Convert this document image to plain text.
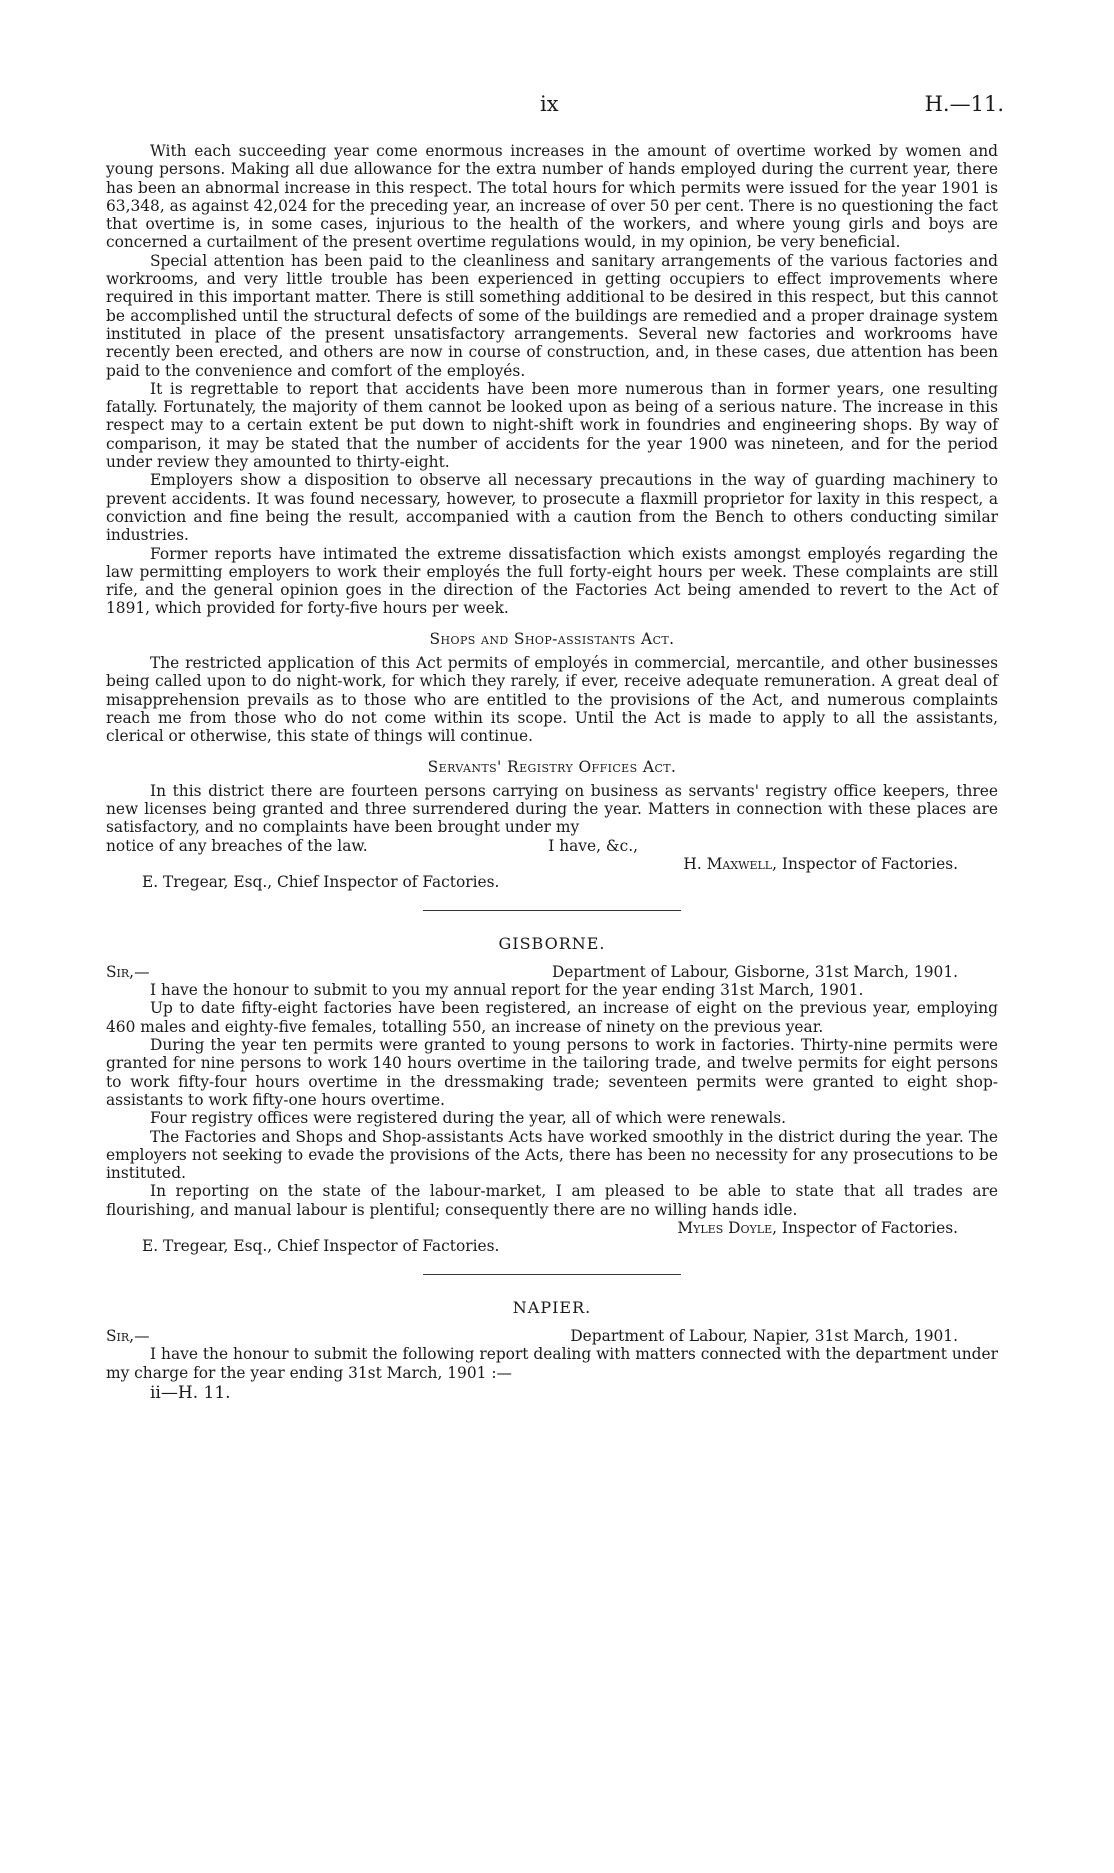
ix	H.—11.

With each succeeding year come enormous increases in the amount of overtime worked by women and young persons. Making all due allowance for the extra number of hands employed during the current year, there has been an abnormal increase in this respect. The total hours for which permits were issued for the year 1901 is 63,348, as against 42,024 for the preceding year, an increase of over 50 per cent. There is no questioning the fact that overtime is, in some cases, injurious to the health of the workers, and where young girls and boys are concerned a curtailment of the present overtime regulations would, in my opinion, be very beneficial.

Special attention has been paid to the cleanliness and sanitary arrangements of the various factories and workrooms, and very little trouble has been experienced in getting occupiers to effect improvements where required in this important matter. There is still something additional to be desired in this respect, but this cannot be accomplished until the structural defects of some of the buildings are remedied and a proper drainage system instituted in place of the present unsatisfactory arrangements. Several new factories and workrooms have recently been erected, and others are now in course of construction, and, in these cases, due attention has been paid to the convenience and comfort of the employés.

It is regrettable to report that accidents have been more numerous than in former years, one resulting fatally. Fortunately, the majority of them cannot be looked upon as being of a serious nature. The increase in this respect may to a certain extent be put down to night-shift work in foundries and engineering shops. By way of comparison, it may be stated that the number of accidents for the year 1900 was nineteen, and for the period under review they amounted to thirty-eight.

Employers show a disposition to observe all necessary precautions in the way of guarding machinery to prevent accidents. It was found necessary, however, to prosecute a flaxmill proprietor for laxity in this respect, a conviction and fine being the result, accompanied with a caution from the Bench to others conducting similar industries.

Former reports have intimated the extreme dissatisfaction which exists amongst employés regarding the law permitting employers to work their employés the full forty-eight hours per week. These complaints are still rife, and the general opinion goes in the direction of the Factories Act being amended to revert to the Act of 1891, which provided for forty-five hours per week.

Shops and Shop-assistants Act.

The restricted application of this Act permits of employés in commercial, mercantile, and other businesses being called upon to do night-work, for which they rarely, if ever, receive adequate remuneration. A great deal of misapprehension prevails as to those who are entitled to the provisions of the Act, and numerous complaints reach me from those who do not come within its scope. Until the Act is made to apply to all the assistants, clerical or otherwise, this state of things will continue.

Servants' Registry Offices Act.

In this district there are fourteen persons carrying on business as servants' registry office keepers, three new licenses being granted and three surrendered during the year. Matters in connection with these places are satisfactory, and no complaints have been brought under my

notice of any breaches of the law.	I have, &c.,
H. Maxwell, Inspector of Factories.
E. Tregear, Esq., Chief Inspector of Factories.
GISBORNE.
Sir,—	Department of Labour, Gisborne, 31st March, 1901.

I have the honour to submit to you my annual report for the year ending 31st March, 1901.

Up to date fifty-eight factories have been registered, an increase of eight on the previous year, employing 460 males and eighty-five females, totalling 550, an increase of ninety on the previous year.

During the year ten permits were granted to young persons to work in factories. Thirty-nine permits were granted for nine persons to work 140 hours overtime in the tailoring trade, and twelve permits for eight persons to work fifty-four hours overtime in the dressmaking trade; seventeen permits were granted to eight shop-assistants to work fifty-one hours overtime.

Four registry offices were registered during the year, all of which were renewals.

The Factories and Shops and Shop-assistants Acts have worked smoothly in the district during the year. The employers not seeking to evade the provisions of the Acts, there has been no necessity for any prosecutions to be instituted.

In reporting on the state of the labour-market, I am pleased to be able to state that all trades are flourishing, and manual labour is plentiful; consequently there are no willing hands idle.

Myles Doyle, Inspector of Factories.
E. Tregear, Esq., Chief Inspector of Factories.
NAPIER.
Sir,—	Department of Labour, Napier, 31st March, 1901.

I have the honour to submit the following report dealing with matters connected with the department under my charge for the year ending 31st March, 1901 :—

ii—H. 11.
